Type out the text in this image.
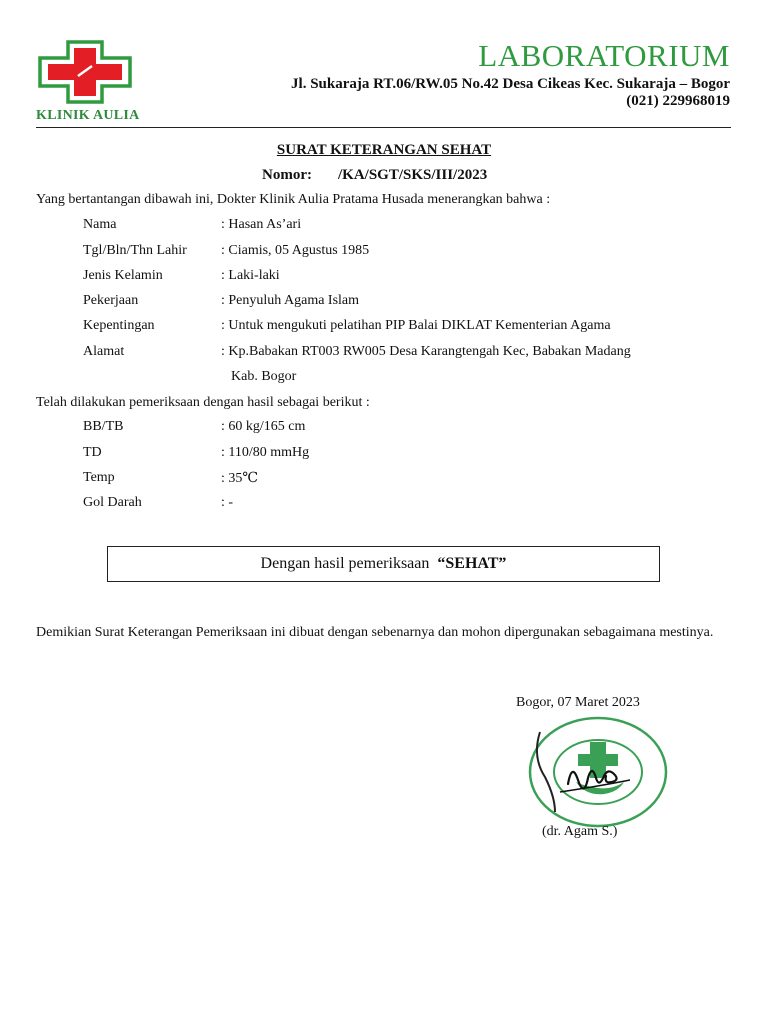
KLINIK AULIA
LABORATORIUM
Jl. Sukaraja RT.06/RW.05 No.42 Desa Cikeas Kec. Sukaraja – Bogor
(021) 229968019
SURAT KETERANGAN SEHAT
Nomor: /KA/SGT/SKS/III/2023
Yang bertantangan dibawah ini, Dokter Klinik Aulia Pratama Husada menerangkan bahwa :
Nama	: Hasan As’ari
Tgl/Bln/Thn Lahir : Ciamis, 05 Agustus 1985
Jenis Kelamin	: Laki-laki
Pekerjaan	: Penyuluh Agama Islam
Kepentingan	: Untuk mengukuti pelatihan PIP Balai DIKLAT Kementerian Agama
Alamat	: Kp.Babakan RT003 RW005 Desa Karangtengah Kec, Babakan Madang
Kab. Bogor
Telah dilakukan pemeriksaan dengan hasil sebagai berikut :
BB/TB	: 60 kg/165 cm
TD	: 110/80 mmHg
Temp	: 35℃
Gol Darah	: -
Dengan hasil pemeriksaan
“SEHAT”
Demikian Surat Keterangan Pemeriksaan ini dibuat dengan sebenarnya dan mohon dipergunakan sebagaimana mestinya.
Bogor, 07 Maret 2023
(dr. Agam S.)
